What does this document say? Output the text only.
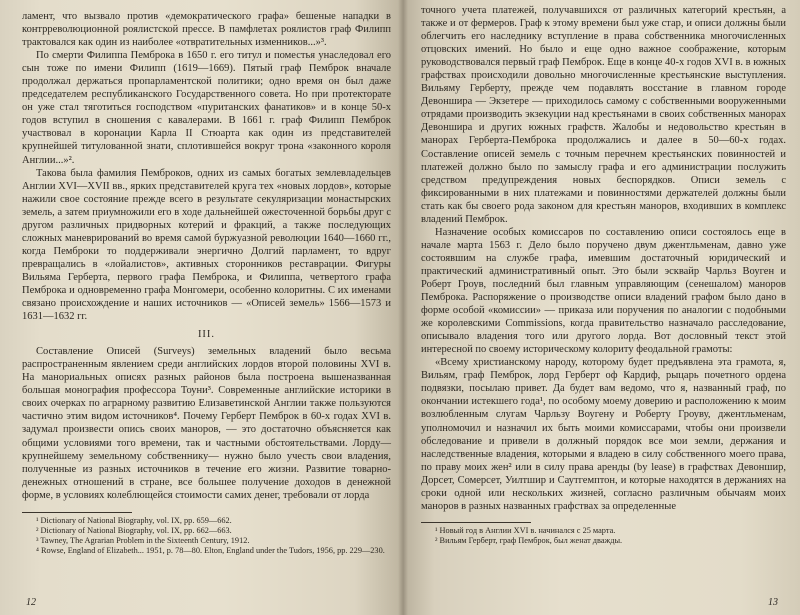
ламент, что вызвало против «демократического графа» бешеные нападки в контрреволюционной роялистской прессе. В памфлетах роялистов граф Филипп трактовался как один из наиболее «отвратительных изменников...»³.

По смерти Филиппа Пемброка в 1650 г. его титул и поместья унаследовал его сын тоже по имени Филипп (1619—1669). Пятый граф Пемброк вначале продолжал держаться пропарламентской политики; одно время он был даже председателем республиканского Государственного совета. Но при протекторате он уже стал тяготиться господством «пуританских фанатиков» и в конце 50-х годов вступил в сношения с кавалерами. В 1661 г. граф Филипп Пемброк участвовал в коронации Карла II Стюарта как один из представителей крупнейшей титулованной знати, сплотившейся вокруг трона «законного короля Англии...»².

Такова была фамилия Пемброков, одних из самых богатых землевладельцев Англии XVI—XVII вв., ярких представителей круга тех «новых лордов», которые нажили свое состояние прежде всего в результате секуляризации монастырских земель, а затем приумножили его в ходе дальнейшей ожесточенной борьбы друг с другом различных придворных котерий и фракций, а также последующих сложных маневрирований во время самой буржуазной революции 1640—1660 гг., когда Пемброки то поддерживали энергично Долгий парламент, то вдруг превращались в «лойалистов», активных сторонников реставрации. Фигуры Вильяма Герберта, первого графа Пемброка, и Филиппа, четвертого графа Пемброка и одновременно графа Монгомери, особенно колоритны. С их именами связано происхождение и наших источников — «Описей земель» 1566—1573 и 1631—1632 гг.

III.

Составление Описей (Surveys) земельных владений было весьма распространенным явлением среди английских лордов второй половины XVI в. На манориальных описях разных районов была построена вышеназванная большая монография профессора Тоуни³. Современные английские историки в своих очерках по аграрному развитию Елизаветинской Англии также пользуются частично этим видом источников⁴. Почему Герберт Пемброк в 60-х годах XVI в. задумал произвести опись своих маноров, — это достаточно объясняется как общими условиями того времени, так и частными обстоятельствами. Лорду—крупнейшему земельному собственнику— нужно было учесть свои владения, полученные из разных источников в течение его жизни. Развитие товарно-денежных отношений в стране, все большее получение доходов в денежной форме, в условиях колеблющейся стоимости самих денег, требовали от лорда

¹ Dictionary of National Biography, vol. IX, pp. 659—662.
² Dictionary of National Biography, vol. IX, pp. 662—663.
³ Tawney, The Agrarian Problem in the Sixteenth Century, 1912.
⁴ Rowse, England of Elizabeth... 1951, p. 78—80. Elton, England under the Tudors, 1956, pp. 229—230.
12

точного учета платежей, получавшихся от различных категорий крестьян, а также и от фермеров. Граф к этому времени был уже стар, и описи должны были облегчить его наследнику вступление в права собственника многочисленных отцовских имений. Но было и еще одно важное соображение, которым руководствовался первый граф Пемброк. Еще в конце 40-х годов XVI в. в южных графствах происходили довольно многочисленные крестьянские выступления. Вильяму Герберту, прежде чем подавлять восстание в главном городе Девоншира — Экзетере — приходилось самому с собственными вооруженными отрядами производить экзекуции над крестьянами в своих собственных манорах Девоншира и других южных графств. Жалобы и недовольство крестьян в манорах Герберта-Пемброка продолжались и далее в 50—60-х годах. Составление описей земель с точным перечнем крестьянских повинностей и платежей должно было по замыслу графа и его администрации послужить средством предупреждения новых беспорядков. Описи земель с фиксированными в них платежами и повинностями держателей должны были стать как бы своего рода законом для крестьян маноров, входивших в комплекс владений Пемброк.

Назначение особых комиссаров по составлению описи состоялось еще в начале марта 1563 г. Дело было поручено двум джентльменам, давно уже состоявшим на службе графа, имевшим достаточный юридический и практический административный опыт. Это были эсквайр Чарльз Воуген и Роберт Гроув, последний был главным управляющим (сенешалом) маноров Пемброка. Распоряжение о производстве описи владений графом было дано в форме особой «комиссии» — приказа или поручения по аналогии с подобными же королевскими Commissions, когда правительство назначало расследование, описывало владения того или другого лорда. Вот дословный текст этой интересной по своему историческому колориту феодальной грамоты:

«Всему христианскому народу, которому будет предъявлена эта грамота, я, Вильям, граф Пемброк, лорд Герберт оф Кардиф, рыцарь почетного ордена подвязки, посылаю привет. Да будет вам ведомо, что я, названный граф, по окончании истекшего года¹, по особому моему доверию и расположению к моим возлюбленным слугам Чарльзу Воугену и Роберту Гроуву, джентльменам, уполномочил и назначил их быть моими комиссарами, чтобы они произвели обследование и привели в должный порядок все мои земли, держания и наследственные владения, которыми я владею в силу собственного моего права, по праву моих жен² или в силу права аренды (by lease) в графствах Девоншир, Дорсет, Сомерсет, Уилтшир и Саутгемптон, и которые находятся в держаниях на сроки одной или нескольких жизней, согласно различным обычаям моих маноров в разных названных графствах за определенные

¹ Новый год в Англии XVI в. начинался с 25 марта.
² Вильям Герберт, граф Пемброк, был женат дважды.
13
